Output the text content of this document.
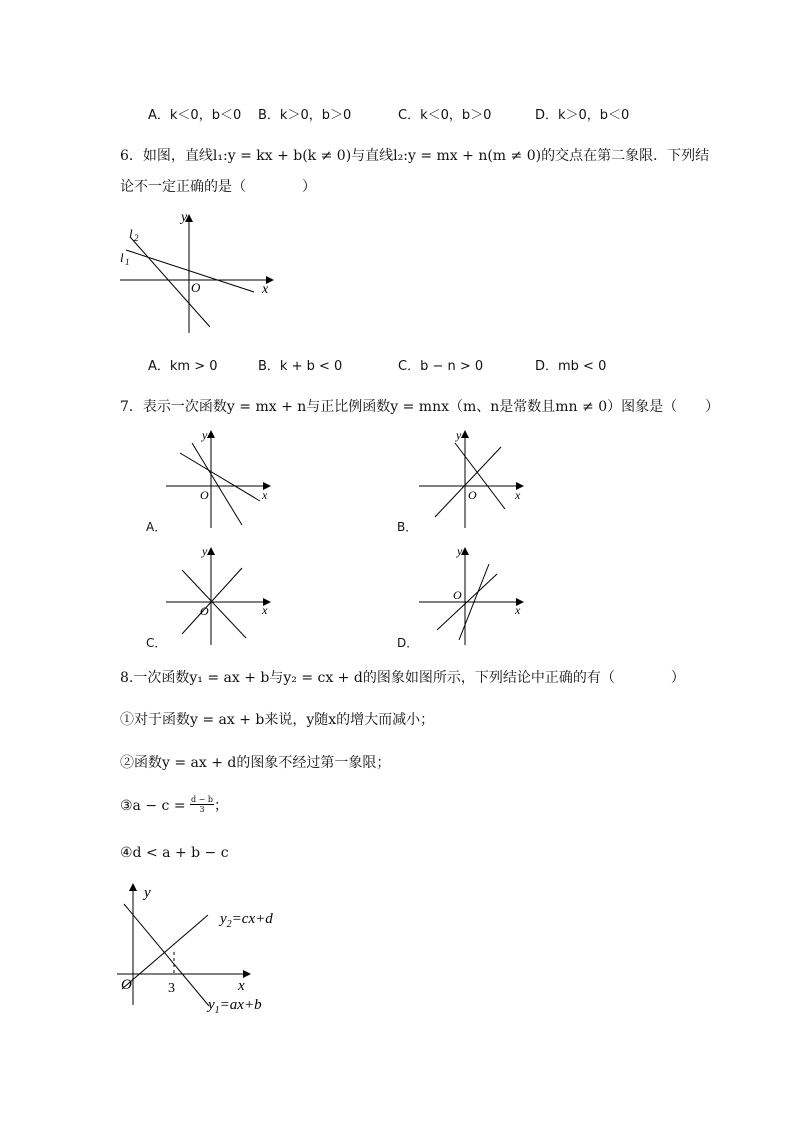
A．k＜0，b＜0 B．k＞0，b＞0	C．k＜0，b＞0	D．k＞0，b＜0
6．如图，直线l₁:y = kx + b(k ≠ 0)与直线l₂:y = mx + n(m ≠ 0)的交点在第二象限．下列结
论不一定正确的是（　　　　）
y
x
O
l 2
l 1
A．km > 0	B．k + b < 0	C．b − n > 0	D．mb < 0
7．表示一次函数y = mx + n与正比例函数y = mnx（m、n是常数且mn ≠ 0）图象是（　　）
y
x
O
A．
y
x
O
B．
y
x
O
C．
y
x
O
D．
8.一次函数y₁ = ax + b与y₂ = cx + d的图象如图所示，下列结论中正确的有（　　　　）
①对于函数y = ax + b来说，y随x的增大而减小；
②函数y = ax + d的图象不经过第一象限；
③a − $c = \frac{d - b}{3}$ ；
④d < a + b − c
y
x
O	3
$y_2=cx+d$
$y_1=ax+b$
